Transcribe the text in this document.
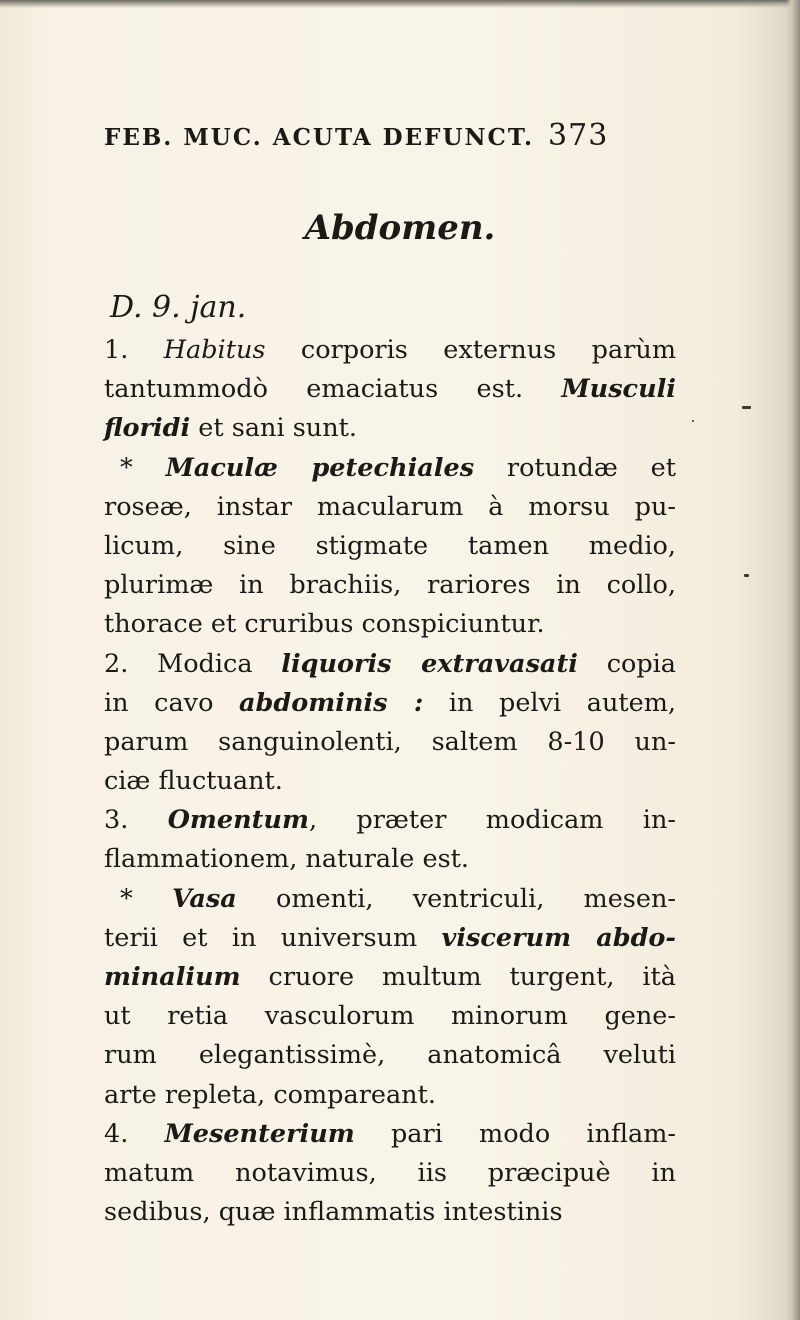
FEB. MUC. ACUTA DEFUNCT. 373
Abdomen.
D. 9. jan.
1. Habitus corporis externus parùm
tantummodò emaciatus est. Musculi
floridi et sani sunt.
* Maculæ petechiales rotundæ et
roseæ, instar macularum à morsu pu-
licum, sine stigmate tamen medio,
plurimæ in brachiis, rariores in collo,
thorace et cruribus conspiciuntur.
2. Modica liquoris extravasati copia
in cavo abdominis : in pelvi autem,
parum sanguinolenti, saltem 8-10 un-
ciæ fluctuant.
3. Omentum, præter modicam in-
flammationem, naturale est.
* Vasa omenti, ventriculi, mesen-
terii et in universum viscerum abdo-
minalium cruore multum turgent, ità
ut retia vasculorum minorum gene-
rum elegantissimè, anatomicâ veluti
arte repleta, compareant.
4. Mesenterium pari modo inflam-
matum notavimus, iis præcipuè in
sedibus, quæ inflammatis intestinis
